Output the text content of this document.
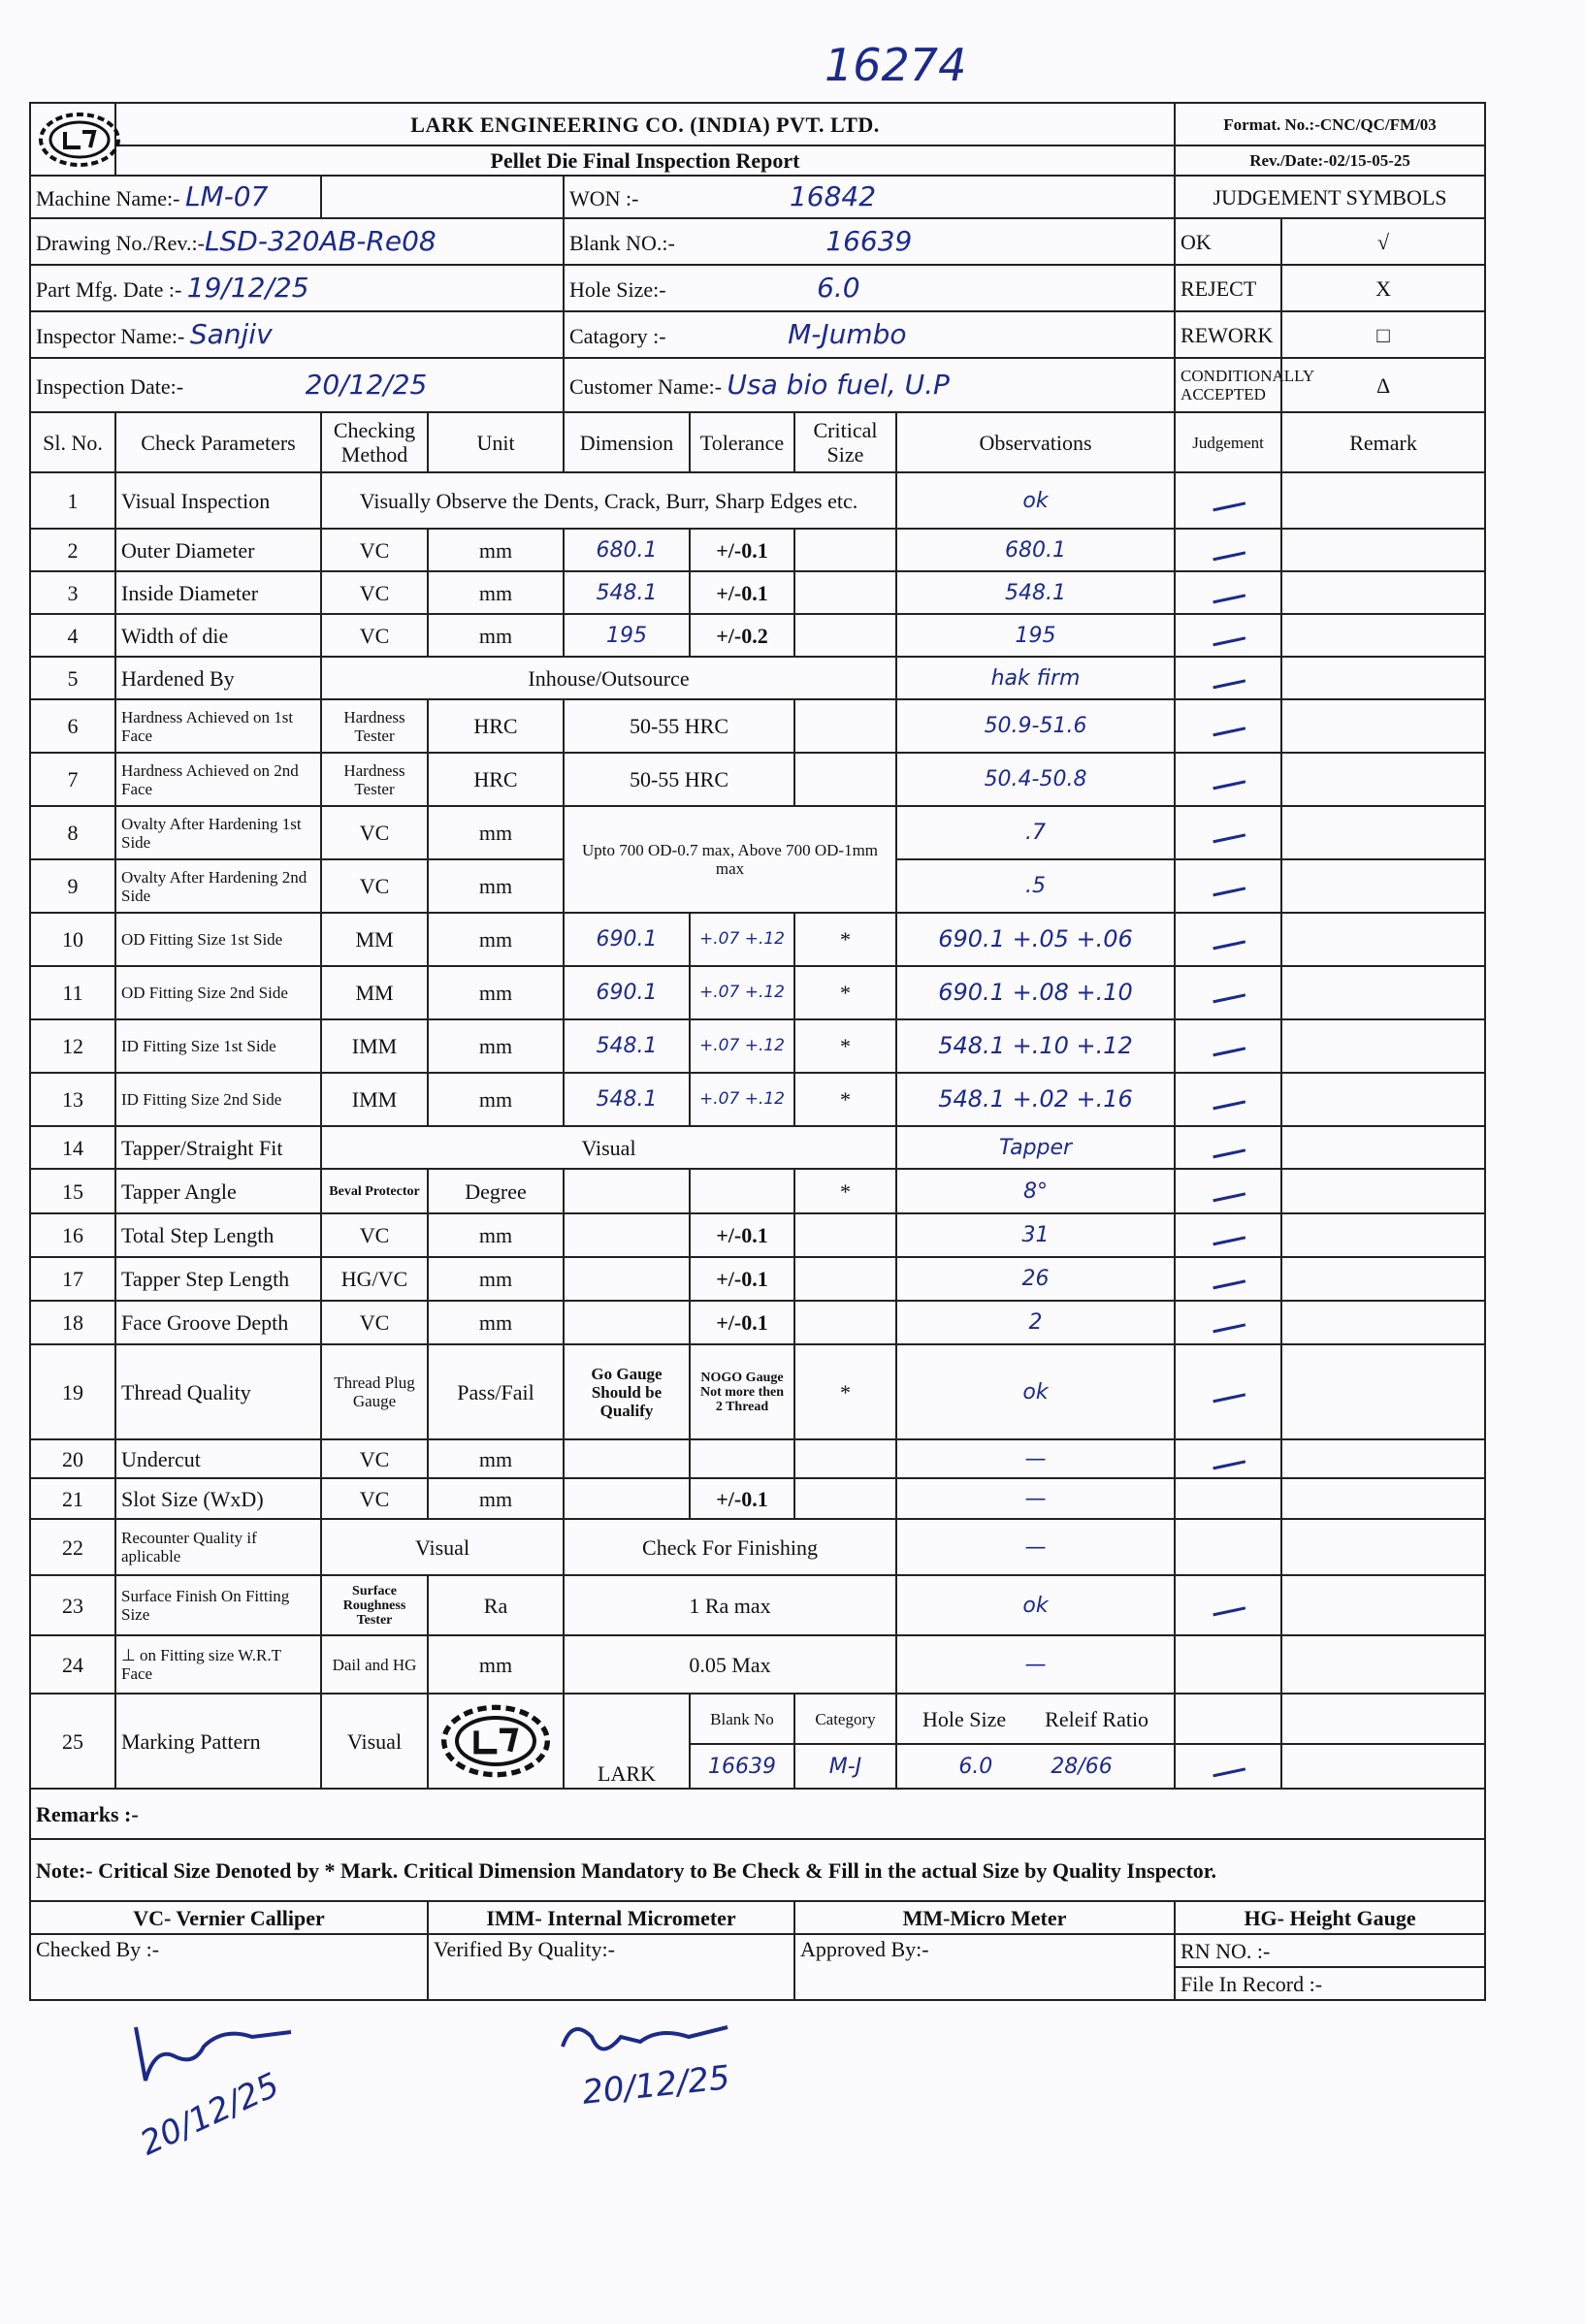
16274
	LARK ENGINEERING CO. (INDIA) PVT. LTD.							Format. No.:-CNC/QC/FM/03	
	Pellet Die Final Inspection Report							Rev./Date:-02/15-05-25	
Machine Name:- LM-07				WON :- 16842				JUDGEMENT SYMBOLS	
Drawing No./Rev.:-LSD-320AB-Re08				Blank NO.:- 16639				OK	√
Part Mfg. Date :- 19/12/25				Hole Size:- 6.0				REJECT	X
Inspector Name:- Sanjiv				Catagory :- M-Jumbo				REWORK	□
Inspection Date:- 20/12/25				Customer Name:- Usa bio fuel, U.P				CONDITIONALLY ACCEPTED	Δ
Sl. No.	Check Parameters	Checking Method	Unit	Dimension	Tolerance	Critical Size	Observations	Judgement	Remark
1	Visual Inspection	Visually Observe the Dents, Crack, Burr, Sharp Edges etc.					ok		
2	Outer Diameter	VC	mm	680.1	+/-0.1		680.1		
3	Inside Diameter	VC	mm	548.1	+/-0.1		548.1		
4	Width of die	VC	mm	195	+/-0.2		195		
5	Hardened By	Inhouse/Outsource					hak firm		
6	Hardness Achieved on 1st Face	Hardness Tester	HRC	50-55 HRC			50.9-51.6		
7	Hardness Achieved on 2nd Face	Hardness Tester	HRC	50-55 HRC			50.4-50.8		
8	Ovalty After Hardening 1st Side	VC	mm	Upto 700 OD-0.7 max, Above 700 OD-1mm max			.7		
9	Ovalty After Hardening 2nd Side	VC	mm				.5		
10	OD Fitting Size 1st Side	MM	mm	690.1	+.07 +.12	*	690.1 +.05 +.06		
11	OD Fitting Size 2nd Side	MM	mm	690.1	+.07 +.12	*	690.1 +.08 +.10		
12	ID Fitting Size 1st Side	IMM	mm	548.1	+.07 +.12	*	548.1 +.10 +.12		
13	ID Fitting Size 2nd Side	IMM	mm	548.1	+.07 +.12	*	548.1 +.02 +.16		
14	Tapper/Straight Fit	Visual					Tapper		
15	Tapper Angle	Beval Protector	Degree			*	8°		
16	Total Step Length	VC	mm		+/-0.1		31		
17	Tapper Step Length	HG/VC	mm		+/-0.1		26		
18	Face Groove Depth	VC	mm		+/-0.1		2		
19	Thread Quality	Thread Plug Gauge	Pass/Fail	Go Gauge Should be Qualify	NOGO Gauge Not more then 2 Thread	*	ok		
20	Undercut	VC	mm				—		
21	Slot Size (WxD)	VC	mm		+/-0.1		—		
22	Recounter Quality if aplicable	Visual		Check For Finishing			—		
23	Surface Finish On Fitting Size	Surface Roughness Tester	Ra	1 Ra max			ok		
24	⊥ on Fitting size W.R.T Face	Dail and HG	mm	0.05 Max			—		
25	Marking Pattern	Visual		LARK	Blank No	Category	Hole Size Releif Ratio		
					16639	M-J	6.0 28/66		
Remarks :-									
Note:- Critical Size Denoted by * Mark. Critical Dimension Mandatory to Be Check & Fill in the actual Size by Quality Inspector.									
VC- Vernier Calliper			IMM- Internal Micrometer			MM-Micro Meter		HG- Height Gauge	
Checked By :-			Verified By Quality:-			Approved By:-		RN NO. :-	
								File In Record :-	
20/12/25	20/12/25
